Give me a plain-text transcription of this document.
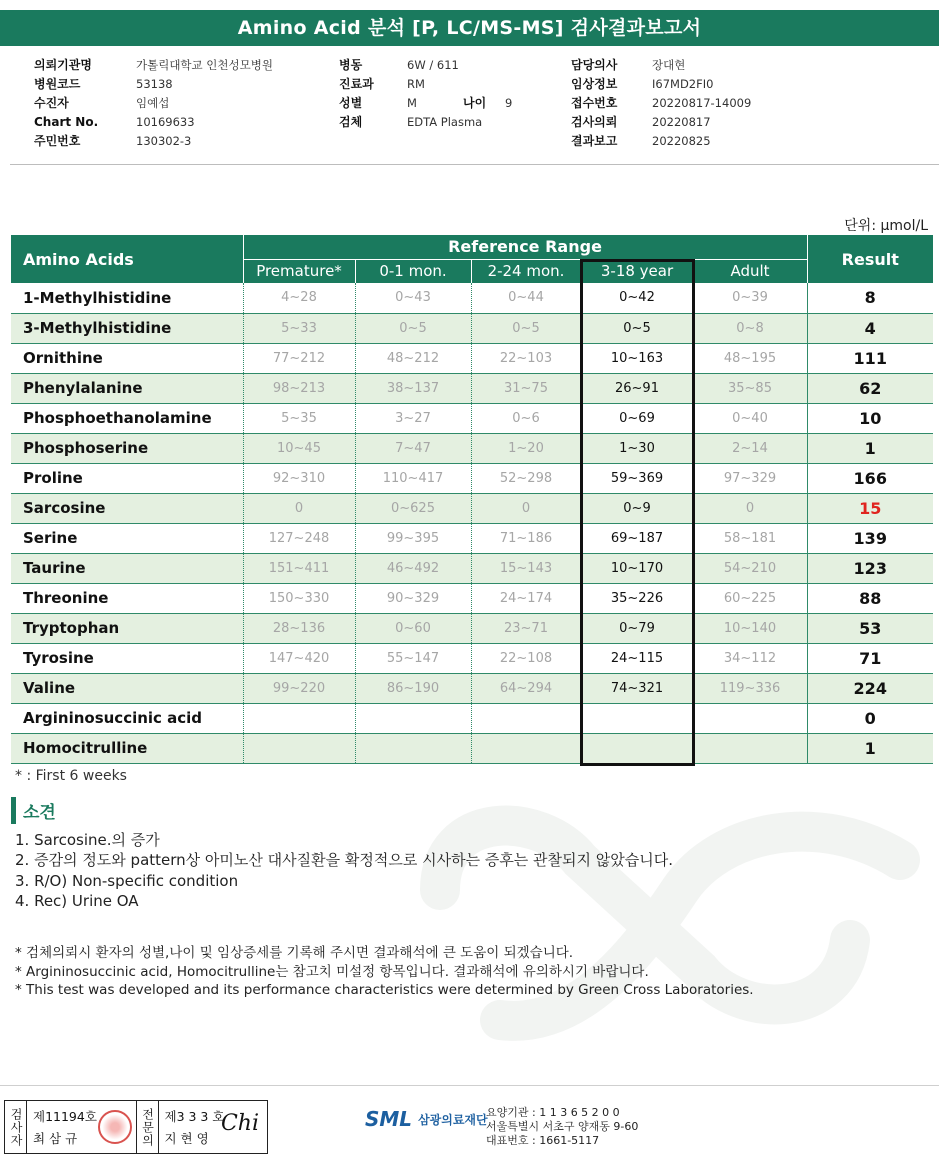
Amino Acid 분석 [P, LC/MS-MS] 검사결과보고서
의뢰기관명	가톨릭대학교 인천성모병원
병원코드	53138
수진자	임예섭
Chart No.	10169633
주민번호	130302-3
병동	6W / 611
진료과	RM
성별	M	나이	9
검체	EDTA Plasma
담당의사	장대현
임상정보	I67MD2FI0
접수번호	20220817-14009
검사의뢰	20220817
결과보고	20220825
단위: µmol/L
Amino Acids	Reference Range					Result
	Premature*	0-1 mon.	2-24 mon.	3-18 year	Adult	
1-Methylhistidine	4~28	0~43	0~44	0~42	0~39	8
3-Methylhistidine	5~33	0~5	0~5	0~5	0~8	4
Ornithine	77~212	48~212	22~103	10~163	48~195	111
Phenylalanine	98~213	38~137	31~75	26~91	35~85	62
Phosphoethanolamine	5~35	3~27	0~6	0~69	0~40	10
Phosphoserine	10~45	7~47	1~20	1~30	2~14	1
Proline	92~310	110~417	52~298	59~369	97~329	166
Sarcosine	0	0~625	0	0~9	0	15
Serine	127~248	99~395	71~186	69~187	58~181	139
Taurine	151~411	46~492	15~143	10~170	54~210	123
Threonine	150~330	90~329	24~174	35~226	60~225	88
Tryptophan	28~136	0~60	23~71	0~79	10~140	53
Tyrosine	147~420	55~147	22~108	24~115	34~112	71
Valine	99~220	86~190	64~294	74~321	119~336	224
Argininosuccinic acid						0
Homocitrulline						1
* : First 6 weeks
소견
1. Sarcosine.의 증가
2. 증감의 정도와 pattern상 아미노산 대사질환을 확정적으로 시사하는 증후는 관찰되지 않았습니다.
3. R/O) Non-specific condition
4. Rec) Urine OA
* 검체의뢰시 환자의 성별,나이 및 임상증세를 기록해 주시면 결과해석에 큰 도움이 되겠습니다.
* Argininosuccinic acid, Homocitrulline는 참고치 미설정 항목입니다. 결과해석에 유의하시기 바랍니다.
* This test was developed and its performance characteristics were determined by Green Cross Laboratories.
검사자 제11194호
최 삼 규	전문의 제3 3 3 호
지 현 영
Chi	SML 삼광의료재단
요양기관 : 1 1 3 6 5 2 0 0
서울특별시 서초구 양재동 9-60
대표번호 : 1661-5117
